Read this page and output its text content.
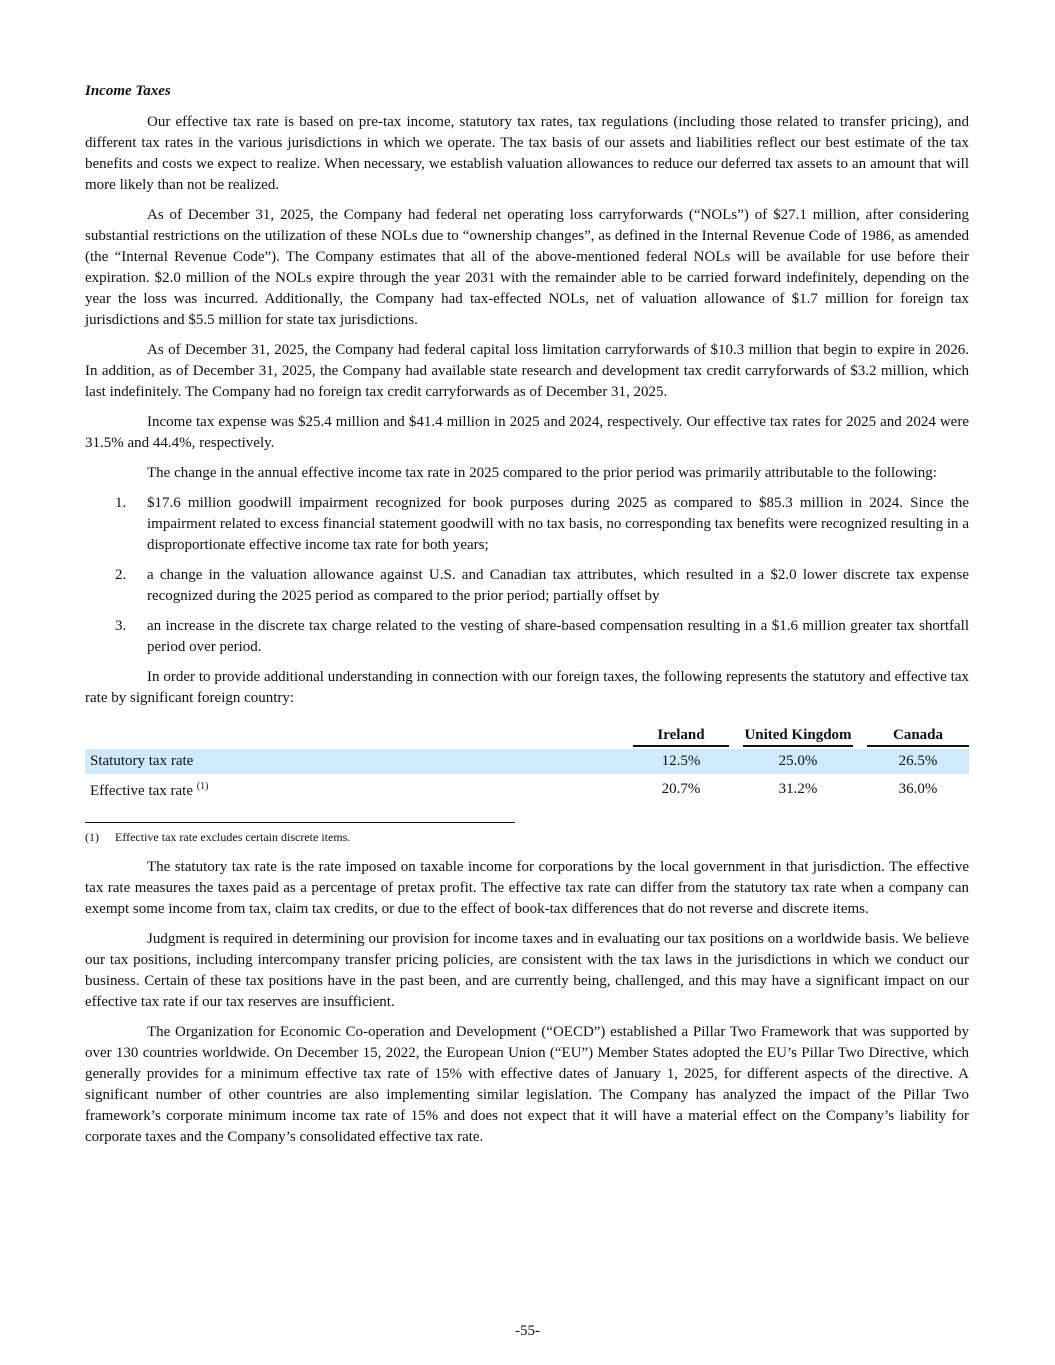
Income Taxes

Our effective tax rate is based on pre-tax income, statutory tax rates, tax regulations (including those related to transfer pricing), and different tax rates in the various jurisdictions in which we operate. The tax basis of our assets and liabilities reflect our best estimate of the tax benefits and costs we expect to realize. When necessary, we establish valuation allowances to reduce our deferred tax assets to an amount that will more likely than not be realized.

As of December 31, 2025, the Company had federal net operating loss carryforwards (“NOLs”) of $27.1 million, after considering substantial restrictions on the utilization of these NOLs due to “ownership changes”, as defined in the Internal Revenue Code of 1986, as amended (the “Internal Revenue Code”). The Company estimates that all of the above-mentioned federal NOLs will be available for use before their expiration. $2.0 million of the NOLs expire through the year 2031 with the remainder able to be carried forward indefinitely, depending on the year the loss was incurred. Additionally, the Company had tax-effected NOLs, net of valuation allowance of $1.7 million for foreign tax jurisdictions and $5.5 million for state tax jurisdictions.

As of December 31, 2025, the Company had federal capital loss limitation carryforwards of $10.3 million that begin to expire in 2026. In addition, as of December 31, 2025, the Company had available state research and development tax credit carryforwards of $3.2 million, which last indefinitely. The Company had no foreign tax credit carryforwards as of December 31, 2025.

Income tax expense was $25.4 million and $41.4 million in 2025 and 2024, respectively. Our effective tax rates for 2025 and 2024 were 31.5% and 44.4%, respectively.

The change in the annual effective income tax rate in 2025 compared to the prior period was primarily attributable to the following:

1. $17.6 million goodwill impairment recognized for book purposes during 2025 as compared to $85.3 million in 2024. Since the impairment related to excess financial statement goodwill with no tax basis, no corresponding tax benefits were recognized resulting in a disproportionate effective income tax rate for both years;
2. a change in the valuation allowance against U.S. and Canadian tax attributes, which resulted in a $2.0 lower discrete tax expense recognized during the 2025 period as compared to the prior period; partially offset by
3. an increase in the discrete tax charge related to the vesting of share-based compensation resulting in a $1.6 million greater tax shortfall period over period.

In order to provide additional understanding in connection with our foreign taxes, the following represents the statutory and effective tax rate by significant foreign country:

	Ireland		United Kingdom		Canada

Statutory tax rate	12.5%		25.0%		26.5%
Effective tax rate $^{(1)}$	20.7%		31.2%		36.0%
(1) Effective tax rate excludes certain discrete items.

The statutory tax rate is the rate imposed on taxable income for corporations by the local government in that jurisdiction. The effective tax rate measures the taxes paid as a percentage of pretax profit. The effective tax rate can differ from the statutory tax rate when a company can exempt some income from tax, claim tax credits, or due to the effect of book-tax differences that do not reverse and discrete items.

Judgment is required in determining our provision for income taxes and in evaluating our tax positions on a worldwide basis. We believe our tax positions, including intercompany transfer pricing policies, are consistent with the tax laws in the jurisdictions in which we conduct our business. Certain of these tax positions have in the past been, and are currently being, challenged, and this may have a significant impact on our effective tax rate if our tax reserves are insufficient.

The Organization for Economic Co-operation and Development (“OECD”) established a Pillar Two Framework that was supported by over 130 countries worldwide. On December 15, 2022, the European Union (“EU”) Member States adopted the EU’s Pillar Two Directive, which generally provides for a minimum effective tax rate of 15% with effective dates of January 1, 2025, for different aspects of the directive. A significant number of other countries are also implementing similar legislation. The Company has analyzed the impact of the Pillar Two framework’s corporate minimum income tax rate of 15% and does not expect that it will have a material effect on the Company’s liability for corporate taxes and the Company’s consolidated effective tax rate.

-55-
